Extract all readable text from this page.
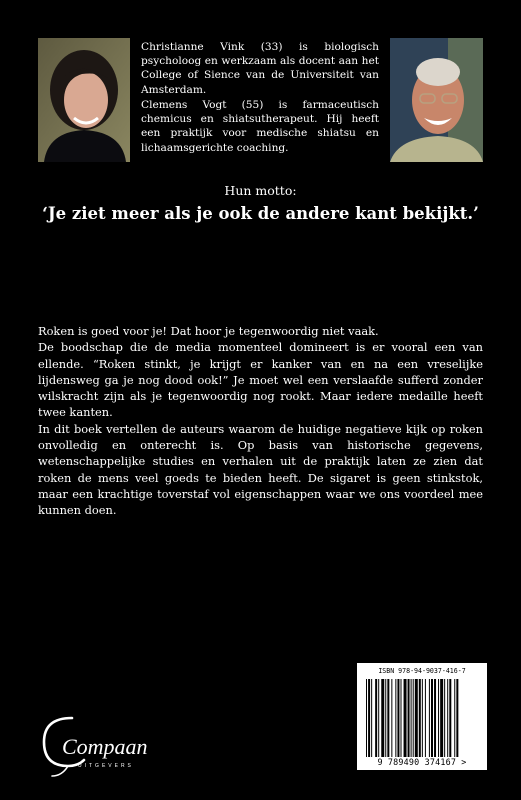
Christianne Vink (33) is biologisch psycholoog en werkzaam als docent aan het College of Sience van de Universiteit van Amsterdam.
Clemens Vogt (55) is farmaceutisch chemicus en shiatsutherapeut. Hij heeft een praktijk voor medische shiatsu en lichaamsgerichte coaching.
Hun motto:
‘Je ziet meer als je ook de andere kant bekijkt.’

Roken is goed voor je! Dat hoor je tegenwoordig niet vaak.

De boodschap die de media momenteel domineert is er vooral een van ellende. “Roken stinkt, je krijgt er kanker van en na een vreselijke lijdensweg ga je nog dood ook!” Je moet wel een verslaafde sufferd zonder wilskracht zijn als je tegenwoordig nog rookt. Maar iedere medaille heeft twee kanten.

In dit boek vertellen de auteurs waarom de huidige negatieve kijk op roken onvolledig en onterecht is. Op basis van historische gegevens, wetenschappelijke studies en verhalen uit de praktijk laten ze zien dat roken de mens veel goeds te bieden heeft. De sigaret is geen stinkstok, maar een krachtige toverstaf vol eigenschappen waar we ons voordeel mee kunnen doen.

ISBN 978-94-9037-416-7
9 789490 374167 >
Compaan
UITGEVERS
